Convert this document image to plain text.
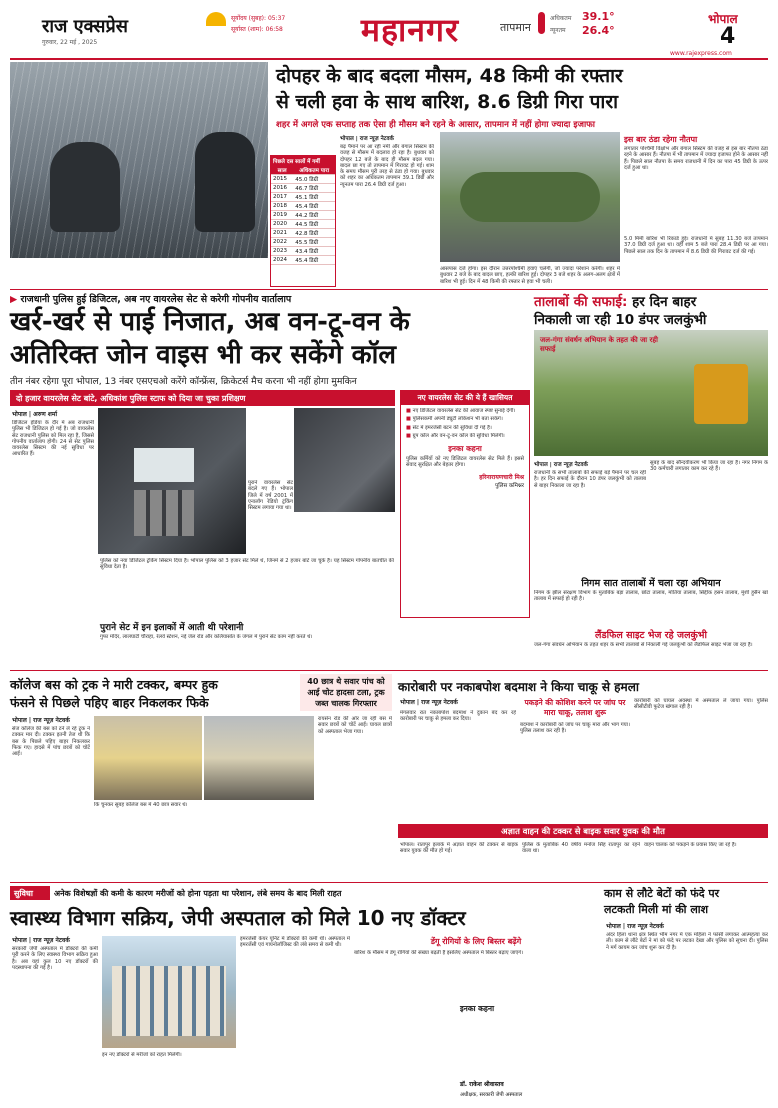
राज एक्सप्रेस
गुरुवार, 22 मई , 2025
सूर्योदय (सुबह): 05:37
सूर्यास्त (शाम): 06:58	महानगर	तापमान
अधिकतम 39.1°
न्यूनतम 26.4°
भोपाल
4
www.rajexpress.com
पिछले दस सालों में गर्मी
साल	अधिकतम पारा
2015	45.0 डिग्री
2016	46.7 डिग्री
2017	45.1 डिग्री
2018	45.4 डिग्री
2019	44.2 डिग्री
2020	44.5 डिग्री
2021	42.8 डिग्री
2022	45.5 डिग्री
2023	43.4 डिग्री
2024	45.4 डिग्री
दोपहर के बाद बदला मौसम, 48 किमी की रफ्तार
से चली हवा के साथ बारिश, 8.6 डिग्री गिरा पारा
शहर में अगले एक सप्ताह तक ऐसा ही मौसम बने रहने के आसार, तापमान में नहीं होगा ज्यादा इजाफा
भोपाल | राज न्यूज़ नेटवर्क
बढ़ पैमाने पर आ रही नमी और बंगाल सिस्टम की वजह से मौसम में बदलाव हो रहा है। बुधवार को दोपहर 12 बजे के बाद ही मौसम बदल गया। बादल छा गए तो तापमान में गिरावट हो गई। शाम के समय मौसम पूरी तरह से ठंडा हो गया। बुधवार को शहर का अधिकतम तापमान 39.1 डिग्री और न्यूनतम पारा 26.4 डिग्री दर्ज हुआ।
आसपास दर्ज होगा। इस दौरान उत्तरपश्चिमी हवाएं चलेंगी, जो ज्यादा परेशान करेंगी। शहर में बुधवार 2 बजे के बाद बादल छाए, हल्की बारिश हुई। दोपहर 3 बजे शहर के अलग-अलग क्षेत्रों में बारिश भी हुई। दिन में 48 किमी की रफ्तार से हवा भी चली।
इस बार ठंडा रहेगा नौतपा
लगातार पश्चिमी विक्षोभ और बंगाल सिस्टम की वजह से इस बार नौतपा ठंडा रहने के आसार हैं। नौतपा में भी तापमान में ज्यादा इजाफा होने के आसार नहीं हैं। पिछले साल नौतपा के समय राजधानी में दिन का पारा 45 डिग्री के ऊपर दर्ज हुआ था।
5.0 मिमी बारिश भी रिकार्ड हुई। राजधानी में सुबह 11.30 बजे तापमान 37.0 डिग्री दर्ज हुआ था। वहीं शाम 5 बजे पारा 28.4 डिग्री पर आ गया। पिछले साल तक दिन के तापमान में 8.6 डिग्री की गिरावट दर्ज की गई।
▶ राजधानी पुलिस हुई डिजिटल, अब नए वायरलेस सेट से करेगी गोपनीय वार्तालाप
खर्र-खर्र से पाई निजात, अब वन-टू-वन के
अतिरिक्त जोन वाइस भी कर सकेंगे कॉल
तीन नंबर रहेगा पूरा भोपाल, 13 नंबर एसएचओ करेंगे कॉन्फ्रेंस, क्रिकेटर्स मैच करना भी नहीं होगा मुमकिन
दो हजार वायरलेस सेट बांटे, अधिकांश पुलिस स्टाफ को दिया जा चुका प्रशिक्षण
भोपाल | अरुण शर्मा
डिजिटल इंडिया के दौर में अब राजधानी पुलिस भी डिजिटल हो गई है। जो वायरलेस सेट राजधानी पुलिस को मिल रहा है, जिससे गोपनीय वार्तालाप होगी। 24 से सेट पुलिस वायरलेस सिस्टम की नई सुविधा पर आधारित हैं।
पुराने वायरलेस सेट बदले गए हैं। भोपाल जिले में वर्ष 2001 में एनालॉग रेडियो ट्रंकिंग सिस्टम लगाया गया था।
पुलिस को नया डिजिटल ट्रंकिंग सिस्टम दिया है। भोपाल पुलिस को 3 हजार सेट मिले थे, जिनमें से 2 हजार बांटे जा चुके हैं। यह सिस्टम गोपनीय बातचीत की सुविधा देता है।
नए वायरलेस सेट की ये हैं खासियत
■ नए डिजिटल वायरलेस सेट की आवाज स्पष्ट सुनाई देगी।
■ पुलिसकर्मी अपनी ड्यूटी लोकेशन भी बता सकेंगे।
■ सेट में इमरजेंसी बटन की सुविधा दी गई है।
■ ग्रुप कॉल और वन-टू-वन कॉल की सुविधा मिलेगी।
इनका कहना
पुलिस कर्मियों को नए डिजिटल वायरलेस सेट मिले हैं। इससे संवाद सुरक्षित और बेहतर होगा।
हरिनारायणचारी मिश्र
पुलिस कमिश्नर
पुराने सेट में इन इलाकों में आती थी परेशानी
गुफा मंदिर, लालघाटी चौराहा, रेलवे स्टेशन, नई जेल रोड और कलियासोत के जंगल में पुराने सेट काम नहीं करते थे।
तालाबों की सफाई: हर दिन बाहर
निकाली जा रही 10 डंपर जलकुंभी
जल-गंगा संवर्धन अभियान के तहत की जा रही सफाई
भोपाल | राज न्यूज़ नेटवर्क
राजधानी के सभी तालाबों की सफाई बड़े पैमाने पर चल रही है। हर दिन सफाई के दौरान 10 डंपर जलकुंभी को तालाब से बाहर निकाला जा रहा है।
सुबह के बाद सौन्दर्यीकरण भी किया जा रहा है। नगर निगम के 30 कर्मचारी लगातार काम कर रहे हैं।
निगम सात तालाबों में चला रहा अभियान
निगम के झील संरक्षण विभाग के मुताबिक बड़ा तालाब, छोटा तालाब, मोतिया तालाब, सिद्दीक हसन तालाब, मुंशी हुसैन खां तालाब में सफाई हो रही है।
लैंडफिल साइट भेज रहे जलकुंभी
जल-गंगा संवर्धन अभियान के तहत शहर के सभी तालाबों से निकाली गई जलकुंभी को लैंडफिल साइट भेजा जा रहा है।
कॉलेज बस को ट्रक ने मारी टक्कर, बम्पर हुक
फंसने से पिछले पहिए बाहर निकलकर फिके
40 छात्र थे सवार पांच को आई चोट हादसा टला, ट्रक जब्त चालक गिरफ्तार
भोपाल | राज न्यूज़ नेटवर्क
सेज कॉलेज की बस को टर्न ले रहे ट्रक ने टक्कर मार दी। टक्कर इतनी तेज थी कि बस के पिछले पहिए बाहर निकलकर फिक गए। हादसे में पांच छात्रों को चोटें आईं।
कि चुनकर सुबह कॉलेज बस में 40 छात्र सवार थे।
रायसेन रोड की ओर जा रही बस में सवार छात्रों को चोटें आईं। घायल छात्रों को अस्पताल भेजा गया।
कारोबारी पर नकाबपोश बदमाश ने किया चाकू से हमला
भोपाल | राज न्यूज़ नेटवर्क	पकड़ने की कोशिश करने पर जांघ पर मारा चाकू, तलाश शुरू
मंगलवार रात नकाबपोश बदमाश ने दुकान बंद कर रहे कारोबारी पर चाकू से हमला कर दिया।
बदमाश ने कारोबारी को जांघ पर चाकू मारा और भाग गया। पुलिस तलाश कर रही है।
कारोबारी को घायल अवस्था में अस्पताल ले जाया गया। पुलिस सीसीटीवी फुटेज खंगाल रही है।
अज्ञात वाहन की टक्कर से बाइक सवार युवक की मौत
भोपाल। रातापुर इलाके में अज्ञात वाहन की टक्कर से बाइक सवार युवक की मौत हो गई।
पुलिस के मुताबिक 40 वर्षीय मनोज सिंह रातापुर का रहने वाला था।
वाहन चालक को पकड़ने के प्रयास किए जा रहे हैं।
सुविधा	अनेक विशेषज्ञों की कमी के कारण मरीजों को होना पड़ता था परेशान, लंबे समय के बाद मिली राहत
स्वास्थ्य विभाग सक्रिय, जेपी अस्पताल को मिले 10 नए डॉक्टर
भोपाल | राज न्यूज़ नेटवर्क
सरकारी जेपी अस्पताल में डॉक्टरों की कमी पूरी करने के लिए स्वास्थ्य विभाग सक्रिय हुआ है। अब यहां कुल 10 नए डॉक्टरों की पदस्थापना की गई है।
इन नए डॉक्टरों से मरीजों को राहत मिलेगी।
इमरजेंसी केयर यूनिट में डॉक्टरों की कमी थी। अस्पताल में इमरजेंसी एवं गायनोलॉजिस्ट की लंबे समय से कमी थी।	डेंगू रोगियों के लिए बिस्तर बढ़ेंगे
बारिश के मौसम में डेंगू रोगियों की संख्या बढ़ती है इसलिए अस्पताल में बिस्तर बढ़ाए जाएंगे।
इनका कहना
डॉ. राकेश श्रीवास्तव
अधीक्षक, सरकारी जेपी अस्पताल
काम से लौटे बेटों को फंदे पर
लटकती मिली मां की लाश
भोपाल | राज न्यूज़ नेटवर्क
अंदर हिला थाना क्षेत्र स्थित भीम नगर में एक महिला ने फांसी लगाकर आत्महत्या कर ली। काम से लौटे बेटों ने मां को फंदे पर लटका देखा और पुलिस को सूचना दी। पुलिस ने मर्ग कायम कर जांच शुरू कर दी है।
